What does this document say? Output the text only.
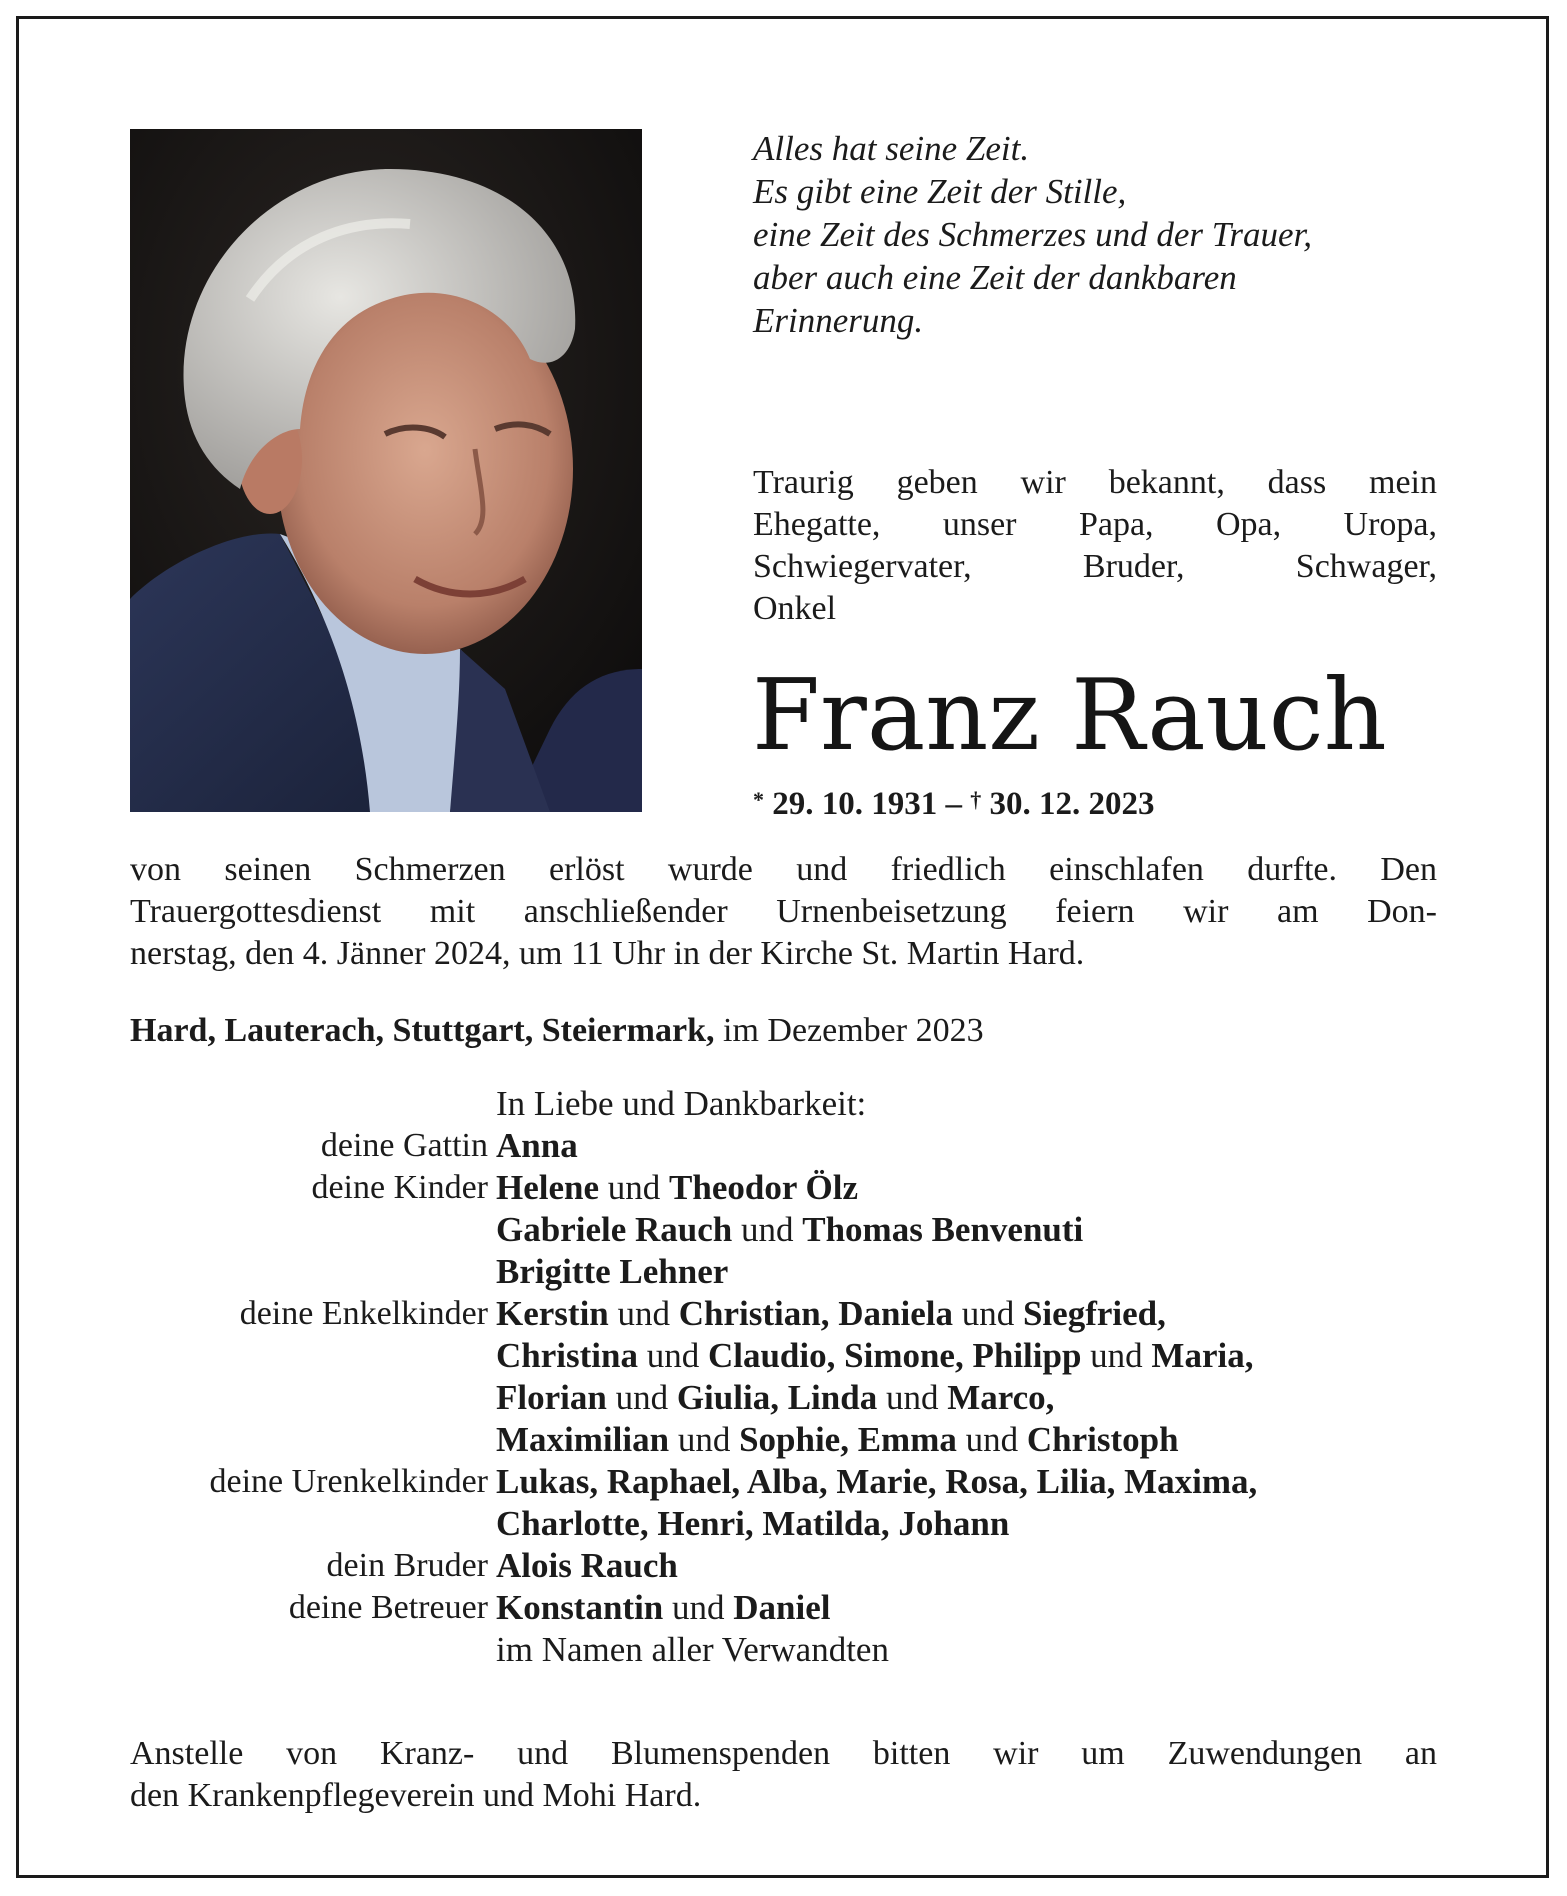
Alles hat seine Zeit.
Es gibt eine Zeit der Stille,
eine Zeit des Schmerzes und der Trauer,
aber auch eine Zeit der dankbaren
Erinnerung.
Traurig geben wir bekannt, dass mein
Ehegatte, unser Papa, Opa, Uropa,
Schwiegervater, Bruder, Schwager,
Onkel
Franz Rauch
* 29. 10. 1931 – † 30. 12. 2023
von seinen Schmerzen erlöst wurde und friedlich einschlafen durfte. Den
Trauergottesdienst mit anschließender Urnenbeisetzung feiern wir am Don-
nerstag, den 4. Jänner 2024, um 11 Uhr in der Kirche St. Martin Hard.
Hard, Lauterach, Stuttgart, Steiermark, im Dezember 2023
In Liebe und Dankbarkeit:
deine Gattin Anna
deine Kinder Helene und Theodor Ölz
Gabriele Rauch und Thomas Benvenuti
Brigitte Lehner
deine Enkelkinder Kerstin und Christian, Daniela und Siegfried,
Christina und Claudio, Simone, Philipp und Maria,
Florian und Giulia, Linda und Marco,
Maximilian und Sophie, Emma und Christoph
deine Urenkelkinder Lukas, Raphael, Alba, Marie, Rosa, Lilia, Maxima,
Charlotte, Henri, Matilda, Johann
dein Bruder Alois Rauch
deine Betreuer Konstantin und Daniel
im Namen aller Verwandten
Anstelle von Kranz- und Blumenspenden bitten wir um Zuwendungen an
den Krankenpflegeverein und Mohi Hard.
